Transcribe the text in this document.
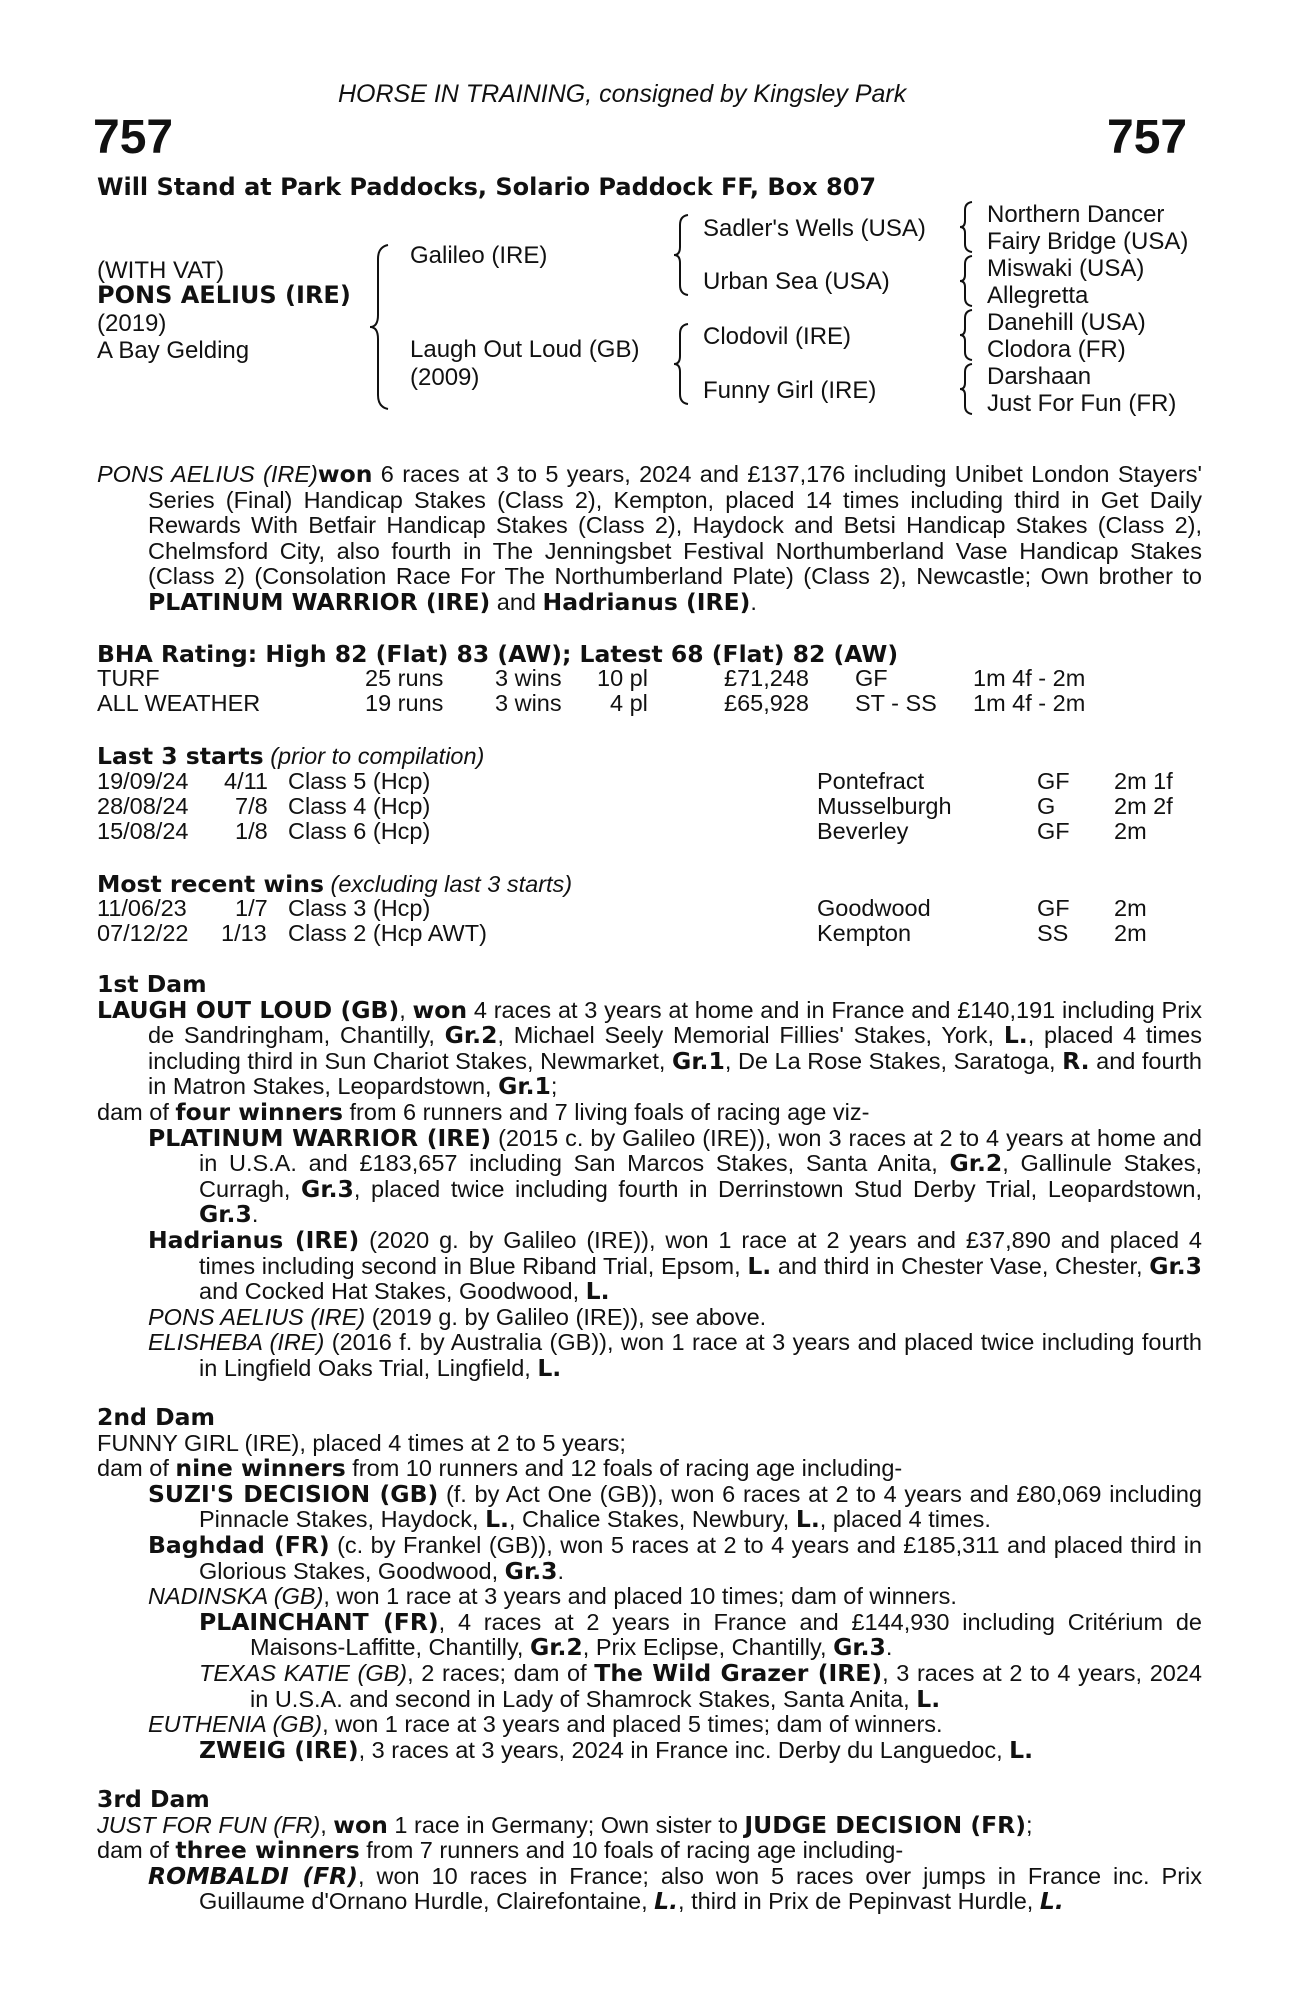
HORSE IN TRAINING, consigned by Kingsley Park
757	757
Will Stand at Park Paddocks, Solario Paddock FF, Box 807
(WITH VAT)
PONS AELIUS (IRE)
(2019)
A Bay Gelding
Galileo (IRE)
Laugh Out Loud (GB)
(2009)
Sadler's Wells (USA)
Urban Sea (USA)
Clodovil (IRE)
Funny Girl (IRE)
Northern Dancer
Fairy Bridge (USA)
Miswaki (USA)
Allegretta
Danehill (USA)
Clodora (FR)
Darshaan
Just For Fun (FR)

PONS AELIUS (IRE)won 6 races at 3 to 5 years, 2024 and £137,176 including Unibet London Stayers' Series (Final) Handicap Stakes (Class 2), Kempton, placed 14 times including third in Get Daily Rewards With Betfair Handicap Stakes (Class 2), Haydock and Betsi Handicap Stakes (Class 2), Chelmsford City, also fourth in The Jenningsbet Festival Northumberland Vase Handicap Stakes (Class 2) (Consolation Race For The Northumberland Plate) (Class 2), Newcastle; Own brother to PLATINUM WARRIOR (IRE) and Hadrianus (IRE).

BHA Rating: High 82 (Flat) 83 (AW); Latest 68 (Flat) 82 (AW)
TURF	25 runs 3 wins 10 pl	£71,248 GF	1m 4f - 2m
ALL WEATHER	19 runs 3 wins 4 pl	£65,928 ST - SS 1m 4f - 2m
Last 3 starts (prior to compilation)
19/09/24 4/11 Class 5 (Hcp)	Pontefract	GF 2m 1f
28/08/24 7/8 Class 4 (Hcp)	Musselburgh	G 2m 2f
15/08/24 1/8 Class 6 (Hcp)	Beverley	GF 2m
Most recent wins (excluding last 3 starts)
11/06/23 1/7 Class 3 (Hcp)	Goodwood	GF 2m
07/12/22 1/13 Class 2 (Hcp AWT)	Kempton	SS 2m

1st Dam

LAUGH OUT LOUD (GB), won 4 races at 3 years at home and in France and £140,191 including Prix de Sandringham, Chantilly, Gr.2, Michael Seely Memorial Fillies' Stakes, York, L., placed 4 times including third in Sun Chariot Stakes, Newmarket, Gr.1, De La Rose Stakes, Saratoga, R. and fourth in Matron Stakes, Leopardstown, Gr.1;

dam of four winners from 6 runners and 7 living foals of racing age viz-

PLATINUM WARRIOR (IRE) (2015 c. by Galileo (IRE)), won 3 races at 2 to 4 years at home and in U.S.A. and £183,657 including San Marcos Stakes, Santa Anita, Gr.2, Gallinule Stakes, Curragh, Gr.3, placed twice including fourth in Derrinstown Stud Derby Trial, Leopardstown, Gr.3.

Hadrianus (IRE) (2020 g. by Galileo (IRE)), won 1 race at 2 years and £37,890 and placed 4 times including second in Blue Riband Trial, Epsom, L. and third in Chester Vase, Chester, Gr.3 and Cocked Hat Stakes, Goodwood, L.

PONS AELIUS (IRE) (2019 g. by Galileo (IRE)), see above.

ELISHEBA (IRE) (2016 f. by Australia (GB)), won 1 race at 3 years and placed twice including fourth in Lingfield Oaks Trial, Lingfield, L.

2nd Dam

FUNNY GIRL (IRE), placed 4 times at 2 to 5 years;

dam of nine winners from 10 runners and 12 foals of racing age including-

SUZI'S DECISION (GB) (f. by Act One (GB)), won 6 races at 2 to 4 years and £80,069 including Pinnacle Stakes, Haydock, L., Chalice Stakes, Newbury, L., placed 4 times.

Baghdad (FR) (c. by Frankel (GB)), won 5 races at 2 to 4 years and £185,311 and placed third in Glorious Stakes, Goodwood, Gr.3.

NADINSKA (GB), won 1 race at 3 years and placed 10 times; dam of winners.

PLAINCHANT (FR), 4 races at 2 years in France and £144,930 including Critérium de Maisons-Laffitte, Chantilly, Gr.2, Prix Eclipse, Chantilly, Gr.3.

TEXAS KATIE (GB), 2 races; dam of The Wild Grazer (IRE), 3 races at 2 to 4 years, 2024 in U.S.A. and second in Lady of Shamrock Stakes, Santa Anita, L.

EUTHENIA (GB), won 1 race at 3 years and placed 5 times; dam of winners.

ZWEIG (IRE), 3 races at 3 years, 2024 in France inc. Derby du Languedoc, L.

3rd Dam

JUST FOR FUN (FR), won 1 race in Germany; Own sister to JUDGE DECISION (FR);

dam of three winners from 7 runners and 10 foals of racing age including-

ROMBALDI (FR), won 10 races in France; also won 5 races over jumps in France inc. Prix Guillaume d'Ornano Hurdle, Clairefontaine, L., third in Prix de Pepinvast Hurdle, L.
